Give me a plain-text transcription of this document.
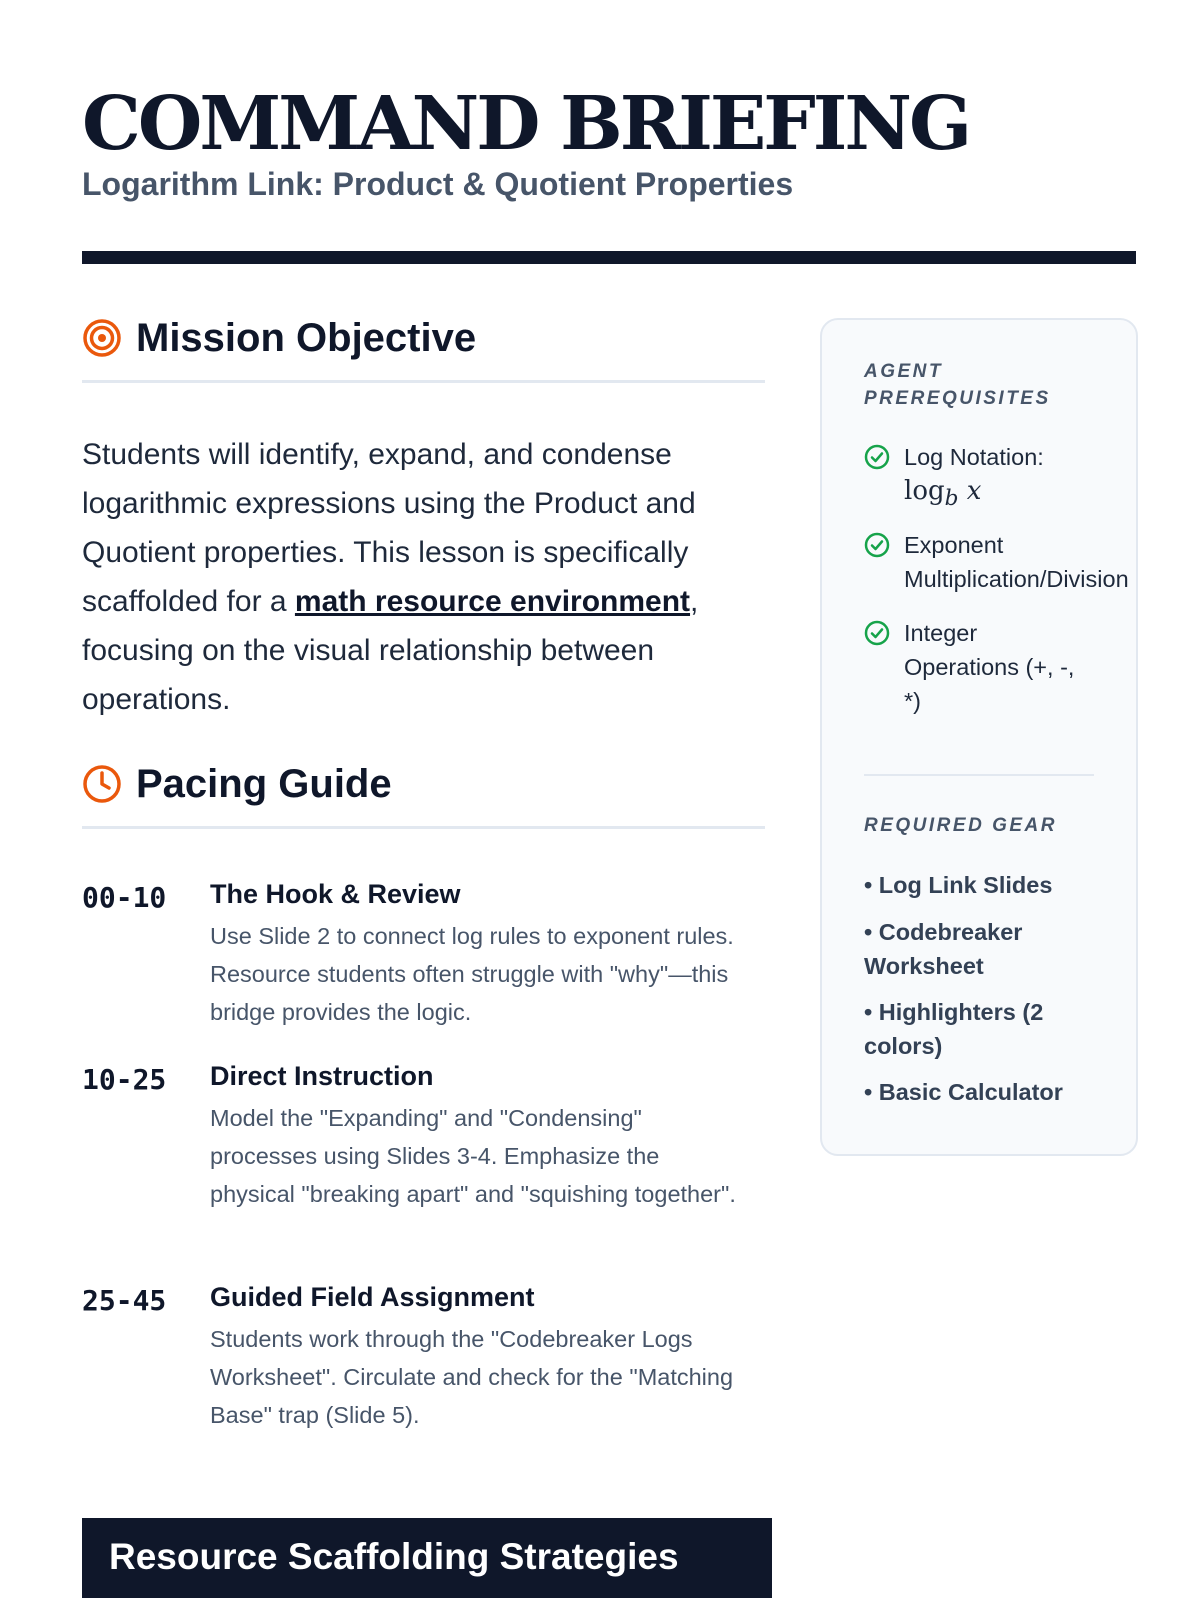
COMMAND BRIEFING
Logarithm Link: Product & Quotient Properties
Mission Objective

Students will identify, expand, and condense logarithmic expressions using the Product and Quotient properties. This lesson is specifically scaffolded for a math resource environment, focusing on the visual relationship between operations.

Pacing Guide
00-10 The Hook & Review

Use Slide 2 to connect log rules to exponent rules. Resource students often struggle with "why"—this bridge provides the logic.

10-25 Direct Instruction

Model the "Expanding" and "Condensing" processes using Slides 3-4. Emphasize the physical "breaking apart" and "squishing together".

25-45 Guided Field Assignment

Students work through the "Codebreaker Logs Worksheet". Circulate and check for the "Matching Base" trap (Slide 5).

Resource Scaffolding Strategies
AGENT PREREQUISITES
Log Notation:
$\log_b x$
Exponent Multiplication/Division
Integer Operations (+, -, *)
REQUIRED GEAR
• Log Link Slides
• Codebreaker Worksheet
• Highlighters (2 colors)
• Basic Calculator
